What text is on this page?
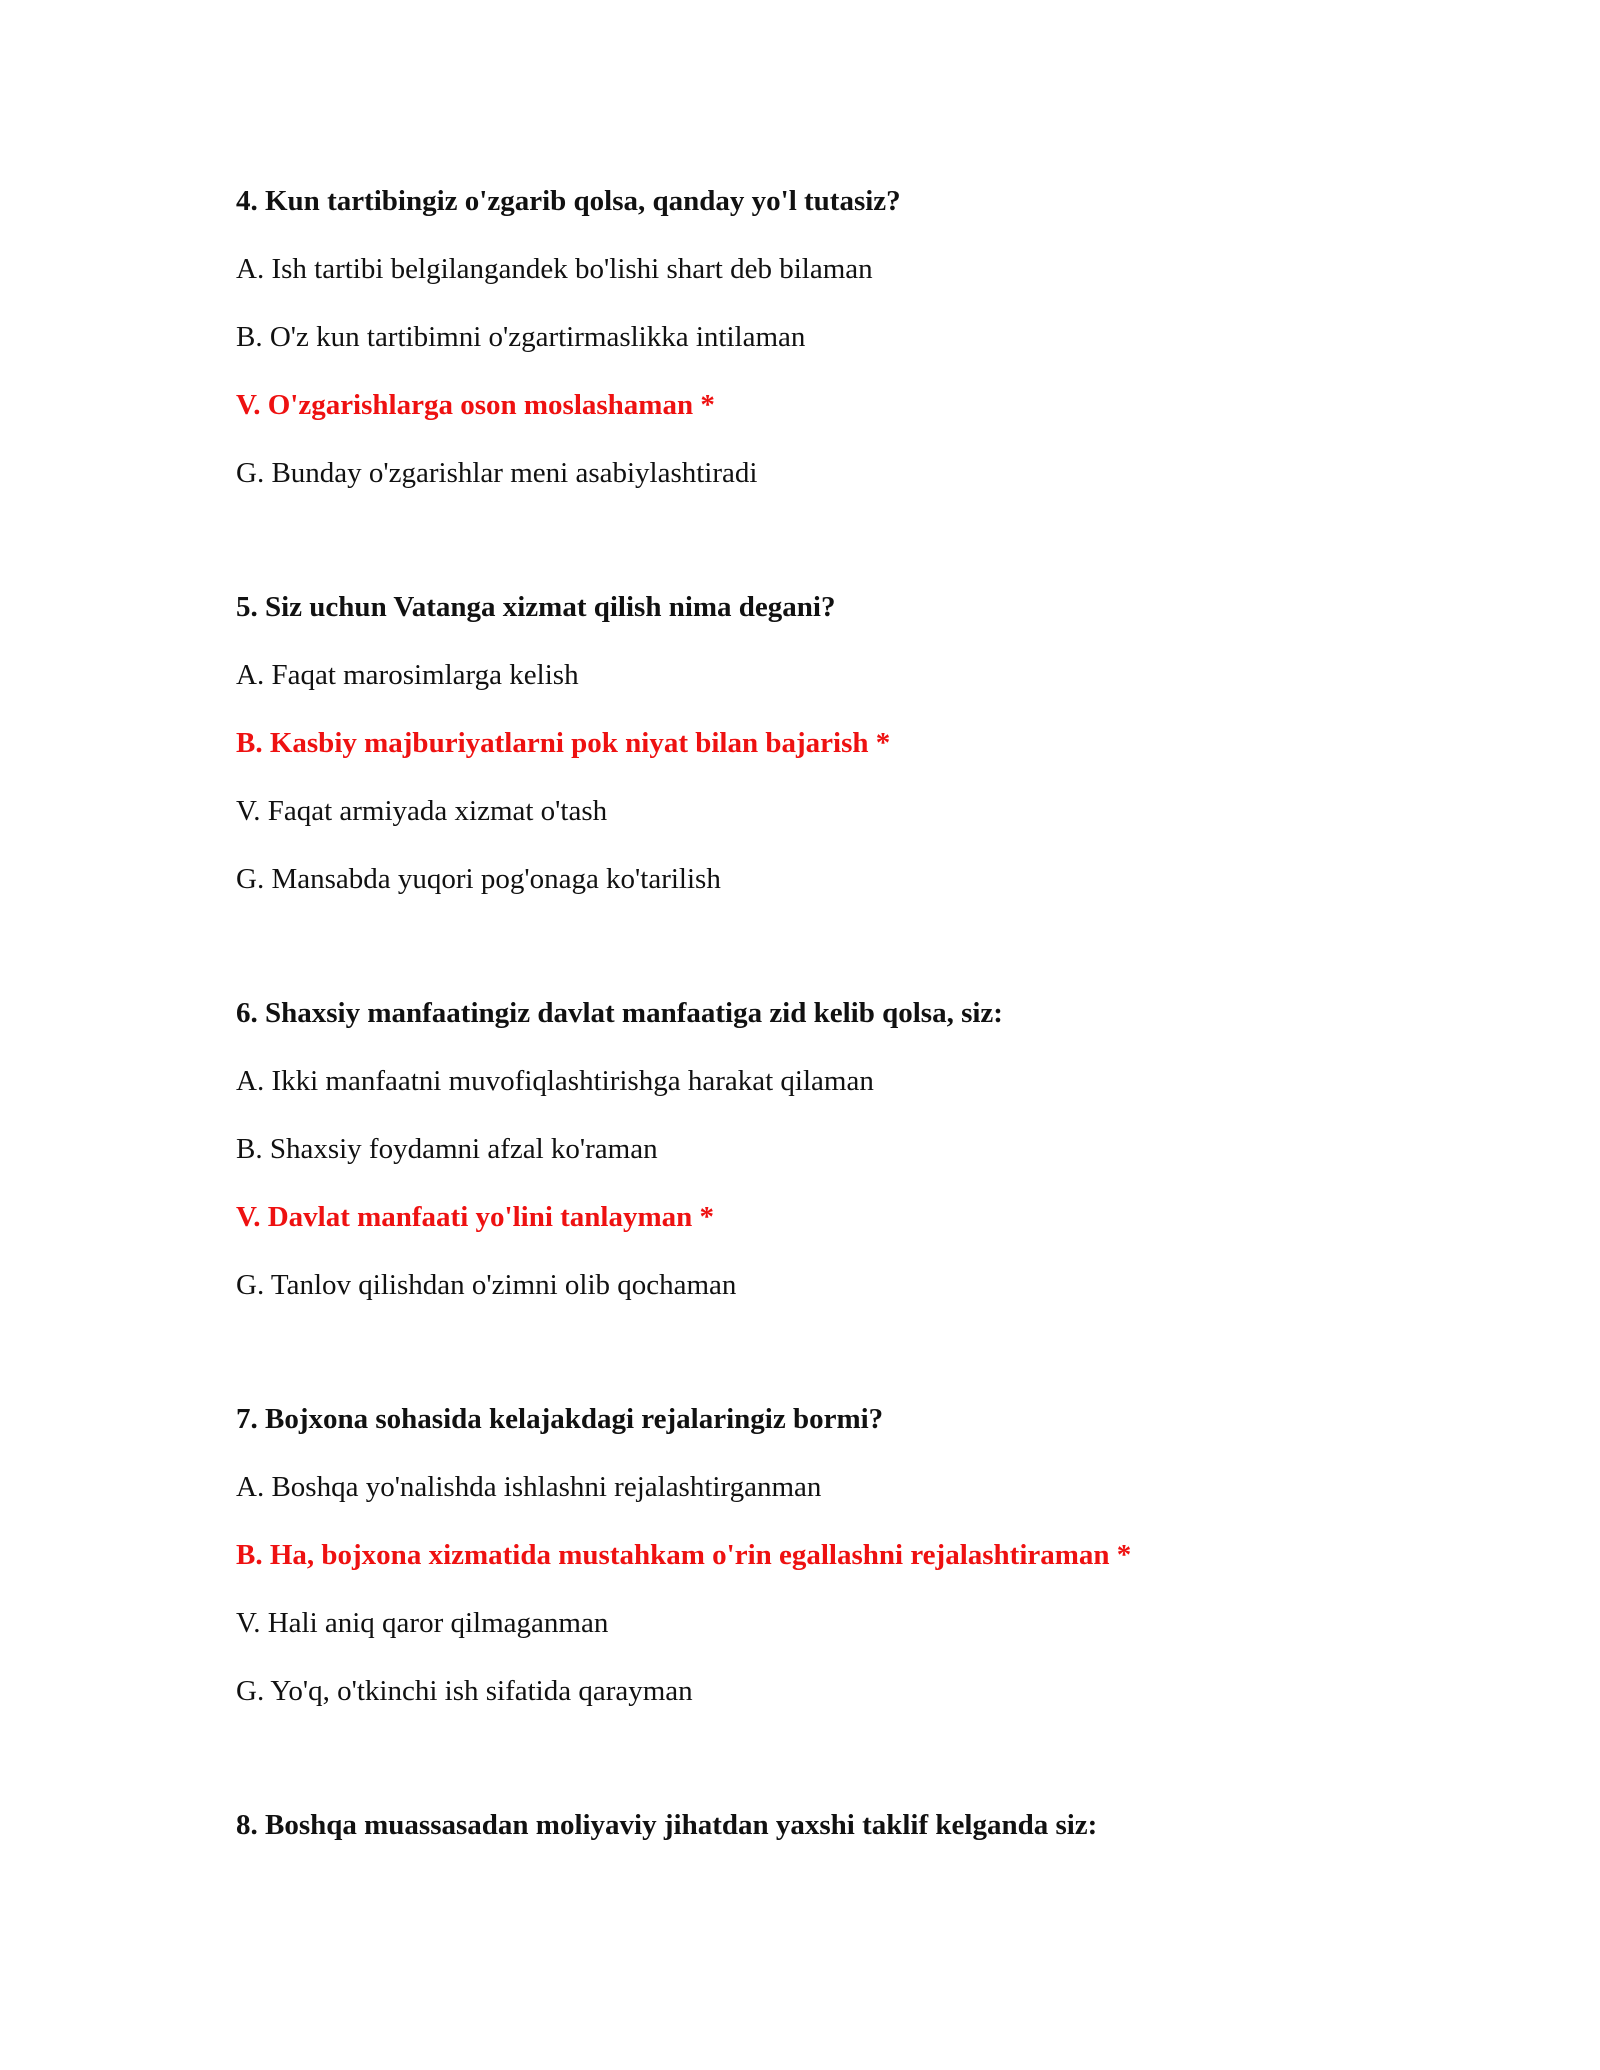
4. Kun tartibingiz o'zgarib qolsa, qanday yo'l tutasiz?
A. Ish tartibi belgilangandek bo'lishi shart deb bilaman
B. O'z kun tartibimni o'zgartirmaslikka intilaman
V. O'zgarishlarga oson moslashaman *
G. Bunday o'zgarishlar meni asabiylashtiradi
5. Siz uchun Vatanga xizmat qilish nima degani?
A. Faqat marosimlarga kelish
B. Kasbiy majburiyatlarni pok niyat bilan bajarish *
V. Faqat armiyada xizmat o'tash
G. Mansabda yuqori pog'onaga ko'tarilish
6. Shaxsiy manfaatingiz davlat manfaatiga zid kelib qolsa, siz:
A. Ikki manfaatni muvofiqlashtirishga harakat qilaman
B. Shaxsiy foydamni afzal ko'raman
V. Davlat manfaati yo'lini tanlayman *
G. Tanlov qilishdan o'zimni olib qochaman
7. Bojxona sohasida kelajakdagi rejalaringiz bormi?
A. Boshqa yo'nalishda ishlashni rejalashtirganman
B. Ha, bojxona xizmatida mustahkam o'rin egallashni rejalashtiraman *
V. Hali aniq qaror qilmaganman
G. Yo'q, o'tkinchi ish sifatida qarayman
8. Boshqa muassasadan moliyaviy jihatdan yaxshi taklif kelganda siz:
